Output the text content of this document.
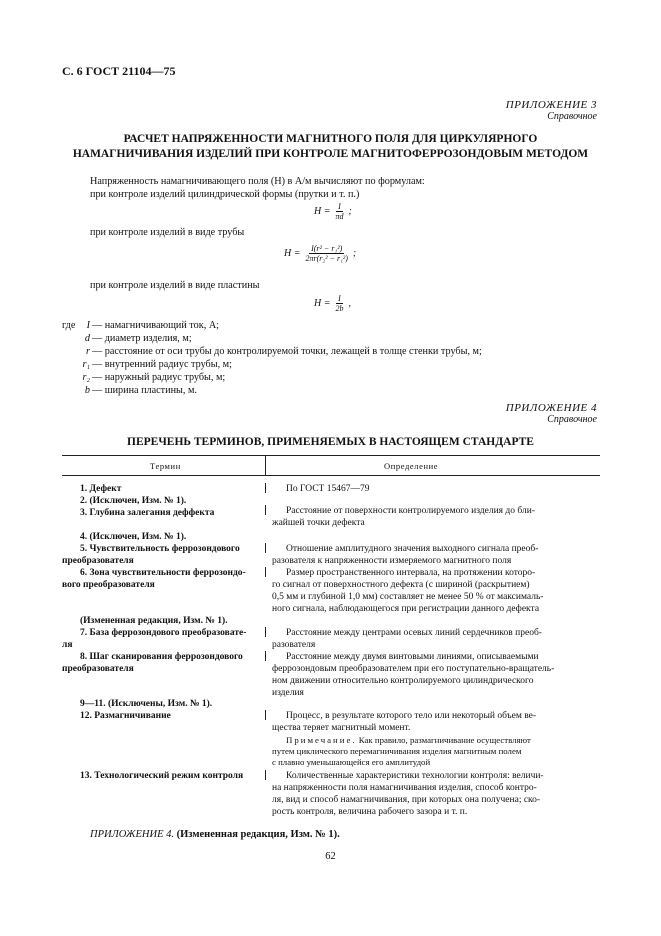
С. 6 ГОСТ 21104—75
ПРИЛОЖЕНИЕ 3
Справочное
РАСЧЕТ НАПРЯЖЕННОСТИ МАГНИТНОГО ПОЛЯ ДЛЯ ЦИРКУЛЯРНОГО
НАМАГНИЧИВАНИЯ ИЗДЕЛИЙ ПРИ КОНТРОЛЕ МАГНИТОФЕРРОЗОНДОВЫМ МЕТОДОМ
Напряженность намагничивающего поля (H) в А/м вычисляют по формулам:
при контроле изделий цилиндрической формы (прутки и т. п.)
$H = \frac{I}{\pi d}$ ;
при контроле изделий в виде трубы
$H = \frac{\text{I(r² − r₁²)}}{\text{2πr(r₂² − r₁²)}}$ ;
при контроле изделий в виде пластины
$H = \frac{I}{2b}$ ,
где	I — намагничивающий ток, А;
d — диаметр изделия, м;
r — расстояние от оси трубы до контролируемой точки, лежащей в толще стенки трубы, м;
r₁ — внутренний радиус трубы, м;
r₂ — наружный радиус трубы, м;
b — ширина пластины, м.
ПРИЛОЖЕНИЕ 4
Справочное
ПЕРЕЧЕНЬ ТЕРМИНОВ, ПРИМЕНЯЕМЫХ В НАСТОЯЩЕМ СТАНДАРТЕ
Термин	Определение
1. Дефект
2. (Исключен, Изм. № 1).
3. Глубина залегания дeффекта
4. (Исключен, Изм. № 1).
5. Чувствительность феррозондового
преобразователя
6. Зона чувствительности феррозондо-
вого преобразователя
(Измененная редакция, Изм. № 1).
7. База феррозондового преобразовате-
ля
8. Шаг сканирования феррозондового
преобразователя
9—11. (Исключены, Изм. № 1).
12. Размагничивание
13. Технологический режим контроля
По ГОСТ 15467—79
Расстояние от поверхности контролируемого изделия до бли-
жайшей точки дефекта
Отношение амплитудного значения выходного сигнала преоб-
разователя к напряженности измеряемого магнитного поля
Размер пространственного интервала, на протяжении которо-
го сигнал от поверхностного дефекта (с шириной (раскрытием)
0,5 мм и глубиной 1,0 мм) составляет не менее 50 % от максималь-
ного сигнала, наблюдающегося при регистрации данного дефекта
Расстояние между центрами осевых линий сердечников преоб-
разователя
Расстояние между двумя винтовыми линиями, описываемыми
феррозондовым преобразователем при его поступательно-вращатель-
ном движении относительно контролируемого цилиндрического
изделия
Процесс, в результате которого тело или некоторый объем ве-
щества теряет магнитный момент.
Примечание. Как правило, размагничивание осуществляют
путем циклического перемагничивания изделия магнитным полем
с плавно уменьшающейся его амплитудой
Количественные характеристики технологии контроля: величи-
на напряженности поля намагничивания изделия, способ контро-
ля, вид и способ намагничивания, при которых она получена; ско-
рость контроля, величина рабочего зазора и т. п.
ПРИЛОЖЕНИЕ 4. (Измененная редакция, Изм. № 1).
62
